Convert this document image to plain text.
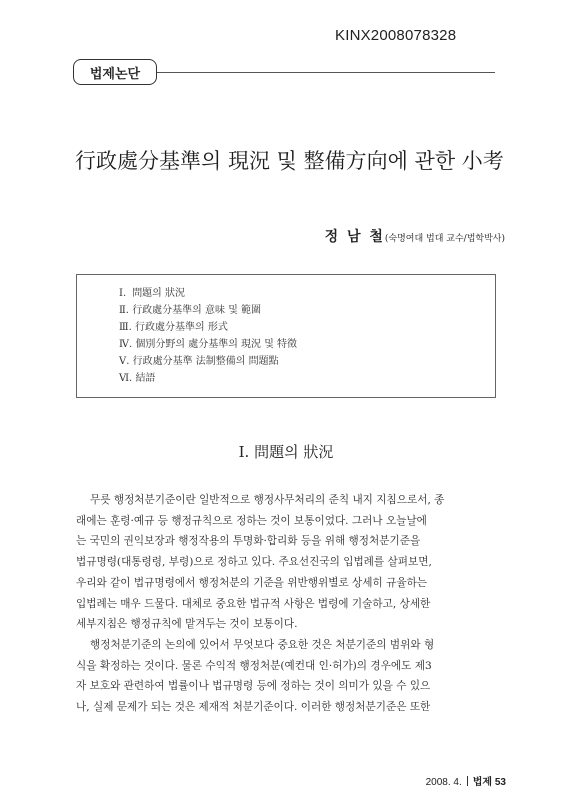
KINX2008078328
법제논단
行政處分基準의 現況 및 整備方向에 관한 小考
정 남 철(숙명여대 법대 교수/법학박사)
Ⅰ. 問題의 狀況
Ⅱ. 行政處分基準의 意味 및 範圍
Ⅲ. 行政處分基準의 形式
Ⅳ. 個別分野의 處分基準의 現況 및 特徵
Ⅴ. 行政處分基準 法制整備의 問題點
Ⅵ. 結語
Ⅰ. 問題의 狀況

무릇 행정처분기준이란 일반적으로 행정사무처리의 준칙 내지 지침으로서, 종
래에는 훈령·예규 등 행정규칙으로 정하는 것이 보통이었다. 그러나 오늘날에
는 국민의 권익보장과 행정작용의 투명화·합리화 등을 위해 행정처분기준을
법규명령(대통령령, 부령)으로 정하고 있다. 주요선진국의 입법례를 살펴보면,
우리와 같이 법규명령에서 행정처분의 기준을 위반행위별로 상세히 규율하는
입법례는 매우 드물다. 대체로 중요한 법규적 사항은 법령에 기술하고, 상세한
세부지침은 행정규칙에 맡겨두는 것이 보통이다.

행정처분기준의 논의에 있어서 무엇보다 중요한 것은 처분기준의 범위와 형
식을 확정하는 것이다. 물론 수익적 행정처분(예컨대 인·허가)의 경우에도 제3
자 보호와 관련하여 법률이나 법규명령 등에 정하는 것이 의미가 있을 수 있으
나, 실제 문제가 되는 것은 제재적 처분기준이다. 이러한 행정처분기준은 또한

2008. 4. 법제 53
